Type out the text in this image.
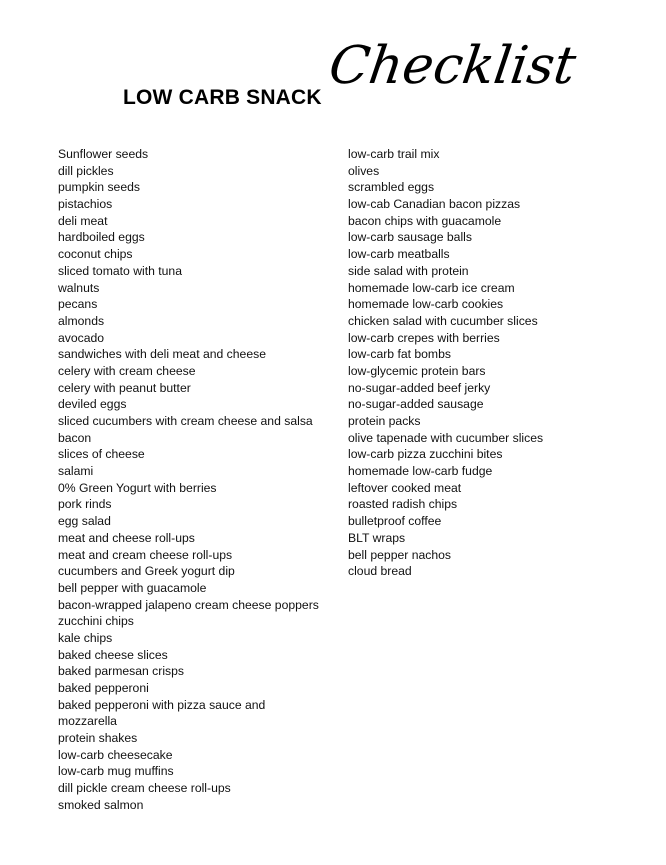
LOW CARB SNACK
Checklist
Sunflower seeds
dill pickles
pumpkin seeds
pistachios
deli meat
hardboiled eggs
coconut chips
sliced tomato with tuna
walnuts
pecans
almonds
avocado
sandwiches with deli meat and cheese
celery with cream cheese
celery with peanut butter
deviled eggs
sliced cucumbers with cream cheese and salsa
bacon
slices of cheese
salami
0% Green Yogurt with berries
pork rinds
egg salad
meat and cheese roll-ups
meat and cream cheese roll-ups
cucumbers and Greek yogurt dip
bell pepper with guacamole
bacon-wrapped jalapeno cream cheese poppers
zucchini chips
kale chips
baked cheese slices
baked parmesan crisps
baked pepperoni
baked pepperoni with pizza sauce and
mozzarella
protein shakes
low-carb cheesecake
low-carb mug muffins
dill pickle cream cheese roll-ups
smoked salmon
low-carb trail mix
olives
scrambled eggs
low-cab Canadian bacon pizzas
bacon chips with guacamole
low-carb sausage balls
low-carb meatballs
side salad with protein
homemade low-carb ice cream
homemade low-carb cookies
chicken salad with cucumber slices
low-carb crepes with berries
low-carb fat bombs
low-glycemic protein bars
no-sugar-added beef jerky
no-sugar-added sausage
protein packs
olive tapenade with cucumber slices
low-carb pizza zucchini bites
homemade low-carb fudge
leftover cooked meat
roasted radish chips
bulletproof coffee
BLT wraps
bell pepper nachos
cloud bread
